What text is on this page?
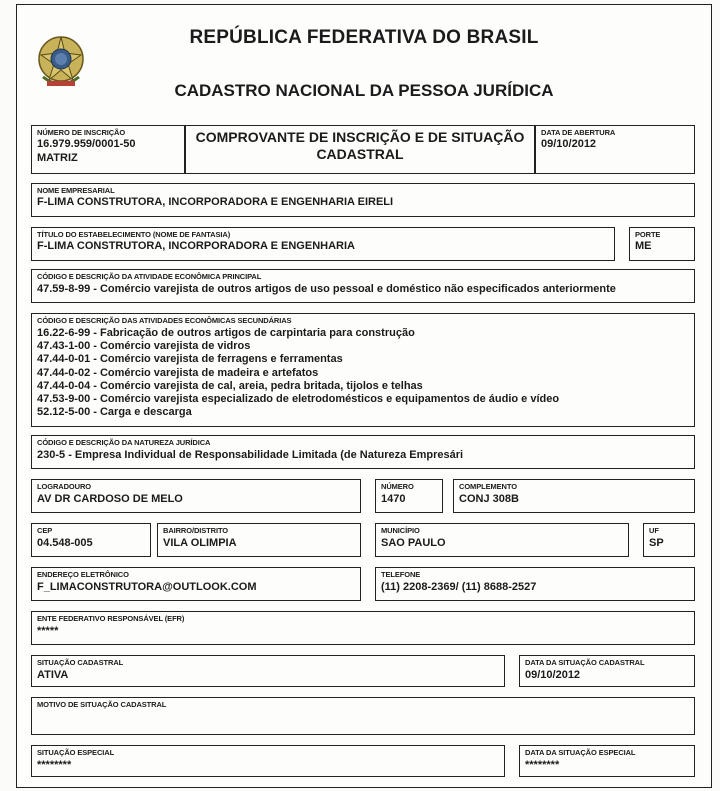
REPÚBLICA FEDERATIVA DO BRASIL
CADASTRO NACIONAL DA PESSOA JURÍDICA
NÚMERO DE INSCRIÇÃO
16.979.959/0001-50
MATRIZ
COMPROVANTE DE INSCRIÇÃO E DE SITUAÇÃO
CADASTRAL
DATA DE ABERTURA
09/10/2012
NOME EMPRESARIAL
F-LIMA CONSTRUTORA, INCORPORADORA E ENGENHARIA EIRELI
TÍTULO DO ESTABELECIMENTO (NOME DE FANTASIA)
F-LIMA CONSTRUTORA, INCORPORADORA E ENGENHARIA
PORTE
ME
CÓDIGO E DESCRIÇÃO DA ATIVIDADE ECONÔMICA PRINCIPAL
47.59-8-99 - Comércio varejista de outros artigos de uso pessoal e doméstico não especificados anteriormente
CÓDIGO E DESCRIÇÃO DAS ATIVIDADES ECONÔMICAS SECUNDÁRIAS
16.22-6-99 - Fabricação de outros artigos de carpintaria para construção
47.43-1-00 - Comércio varejista de vidros
47.44-0-01 - Comércio varejista de ferragens e ferramentas
47.44-0-02 - Comércio varejista de madeira e artefatos
47.44-0-04 - Comércio varejista de cal, areia, pedra britada, tijolos e telhas
47.53-9-00 - Comércio varejista especializado de eletrodomésticos e equipamentos de áudio e vídeo
52.12-5-00 - Carga e descarga
CÓDIGO E DESCRIÇÃO DA NATUREZA JURÍDICA
230-5 - Empresa Individual de Responsabilidade Limitada (de Natureza Empresári
LOGRADOURO
AV DR CARDOSO DE MELO
NÚMERO
1470
COMPLEMENTO
CONJ 308B
CEP
04.548-005
BAIRRO/DISTRITO
VILA OLIMPIA
MUNICÍPIO
SAO PAULO
UF
SP
ENDEREÇO ELETRÔNICO
F_LIMACONSTRUTORA@OUTLOOK.COM
TELEFONE
(11) 2208-2369/ (11) 8688-2527
ENTE FEDERATIVO RESPONSÁVEL (EFR)
*****
SITUAÇÃO CADASTRAL
ATIVA
DATA DA SITUAÇÃO CADASTRAL
09/10/2012
MOTIVO DE SITUAÇÃO CADASTRAL
SITUAÇÃO ESPECIAL
********
DATA DA SITUAÇÃO ESPECIAL
********
